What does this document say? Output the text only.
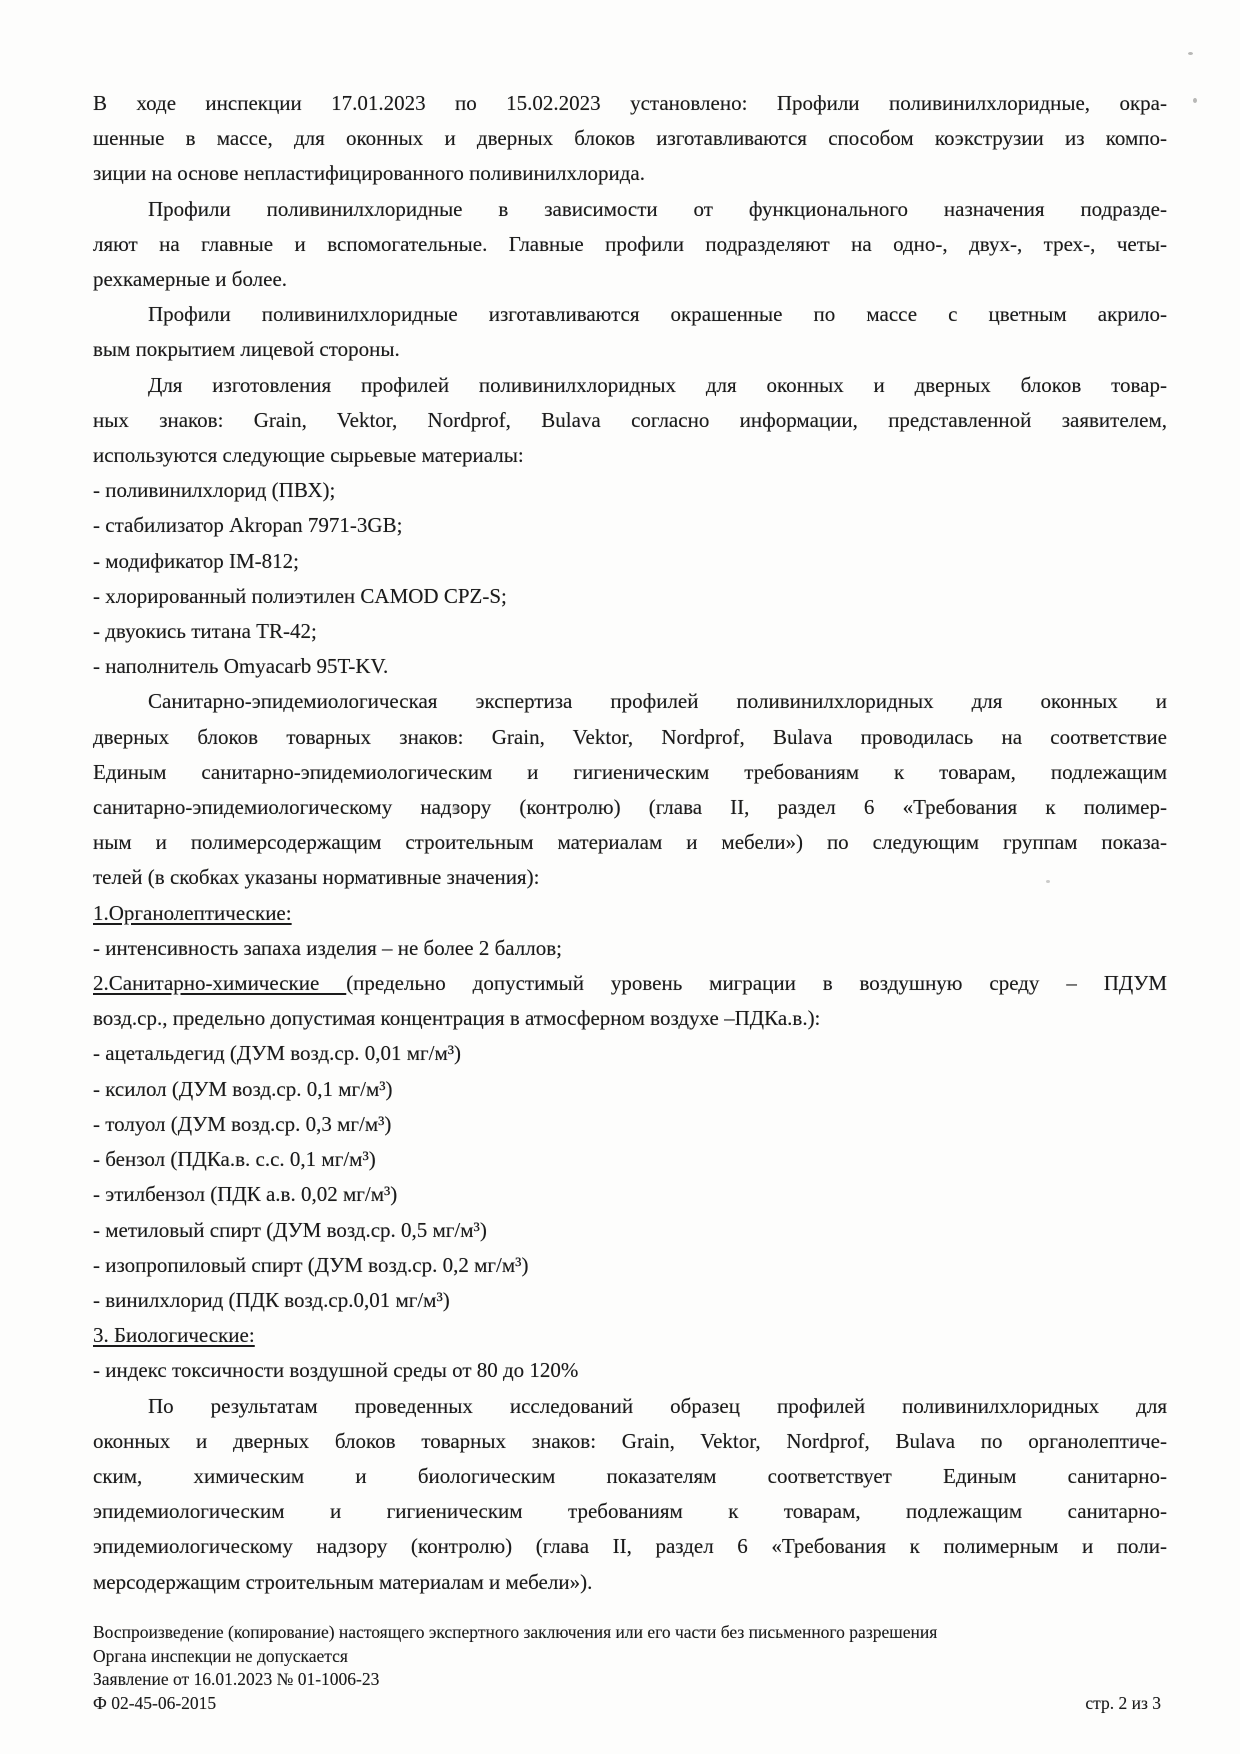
В ходе инспекции 17.01.2023 по 15.02.2023 установлено: Профили поливинилхлоридные, окра-
шенные в массе, для оконных и дверных блоков изготавливаются способом коэкструзии из компо-
зиции на основе непластифицированного поливинилхлорида.
Профили поливинилхлоридные в зависимости от функционального назначения подразде-
ляют на главные и вспомогательные. Главные профили подразделяют на одно-, двух-, трех-, четы-
рехкамерные и более.
Профили поливинилхлоридные изготавливаются окрашенные по массе с цветным акрило-
вым покрытием лицевой стороны.
Для изготовления профилей поливинилхлоридных для оконных и дверных блоков товар-
ных знаков: Grain, Vektor, Nordprof, Bulava согласно информации, представленной заявителем,
используются следующие сырьевые материалы:
- поливинилхлорид (ПВХ);
- стабилизатор Akropan 7971-3GB;
- модификатор IM-812;
- хлорированный полиэтилен CAMOD CPZ-S;
- двуокись титана TR-42;
- наполнитель Omyacarb 95T-KV.
Санитарно-эпидемиологическая экспертиза профилей поливинилхлоридных для оконных и
дверных блоков товарных знаков: Grain, Vektor, Nordprof, Bulava проводилась на соответствие
Единым санитарно-эпидемиологическим и гигиеническим требованиям к товарам, подлежащим
санитарно-эпидемиологическому надзору (контролю) (глава II, раздел 6 «Требования к полимер-
ным и полимерсодержащим строительным материалам и мебели») по следующим группам показа-
телей (в скобках указаны нормативные значения):
1.Органолептические:
- интенсивность запаха изделия – не более 2 баллов;
2.Санитарно-химические (предельно допустимый уровень миграции в воздушную среду – ПДУМ
возд.ср., предельно допустимая концентрация в атмосферном воздухе –ПДКа.в.):
- ацетальдегид (ДУМ возд.ср. 0,01 мг/м³)
- ксилол (ДУМ возд.ср. 0,1 мг/м³)
- толуол (ДУМ возд.ср. 0,3 мг/м³)
- бензол (ПДКа.в. с.с. 0,1 мг/м³)
- этилбензол (ПДК а.в. 0,02 мг/м³)
- метиловый спирт (ДУМ возд.ср. 0,5 мг/м³)
- изопропиловый спирт (ДУМ возд.ср. 0,2 мг/м³)
- винилхлорид (ПДК возд.ср.0,01 мг/м³)
3. Биологические:
- индекс токсичности воздушной среды от 80 до 120%
По результатам проведенных исследований образец профилей поливинилхлоридных для
оконных и дверных блоков товарных знаков: Grain, Vektor, Nordprof, Bulava по органолептиче-
ским, химическим и биологическим показателям соответствует Единым санитарно-
эпидемиологическим и гигиеническим требованиям к товарам, подлежащим санитарно-
эпидемиологическому надзору (контролю) (глава II, раздел 6 «Требования к полимерным и поли-
мерсодержащим строительным материалам и мебели»).
Воспроизведение (копирование) настоящего экспертного заключения или его части без письменного разрешения
Органа инспекции не допускается
Заявление от 16.01.2023 № 01-1006-23
Ф 02-45-06-2015	стр. 2 из 3
